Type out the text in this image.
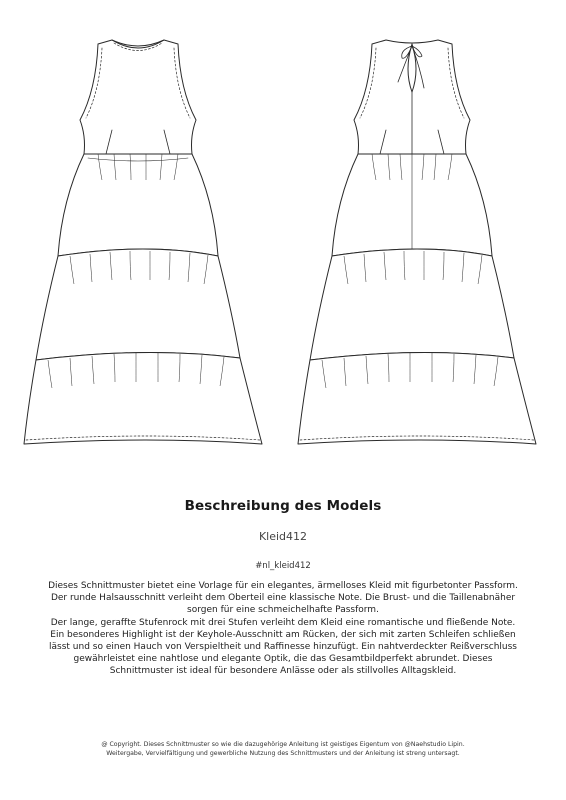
Beschreibung des Models
Kleid412
#nl_kleid412

Dieses Schnittmuster bietet eine Vorlage für ein elegantes, ärmelloses Kleid mit figurbetonter Passform.

Der runde Halsausschnitt verleiht dem Oberteil eine klassische Note. Die Brust- und die Taillenabnäher sorgen für eine schmeichelhafte Passform.

Der lange, geraffte Stufenrock mit drei Stufen verleiht dem Kleid eine romantische und fließende Note.

Ein besonderes Highlight ist der Keyhole-Ausschnitt am Rücken, der sich mit zarten Schleifen schließen lässt und so einen Hauch von Verspieltheit und Raffinesse hinzufügt. Ein nahtverdeckter Reißverschluss gewährleistet eine nahtlose und elegante Optik, die das Gesamtbildperfekt abrundet. Dieses Schnittmuster ist ideal für besondere Anlässe oder als stillvolles Alltagskleid.

@ Copyright. Dieses Schnittmuster so wie die dazugehörige Anleitung ist geistiges Eigentum von @Naehstudio Lipin.

Weitergabe, Vervielfältigung und gewerbliche Nutzung des Schnittmusters und der Anleitung ist streng untersagt.
